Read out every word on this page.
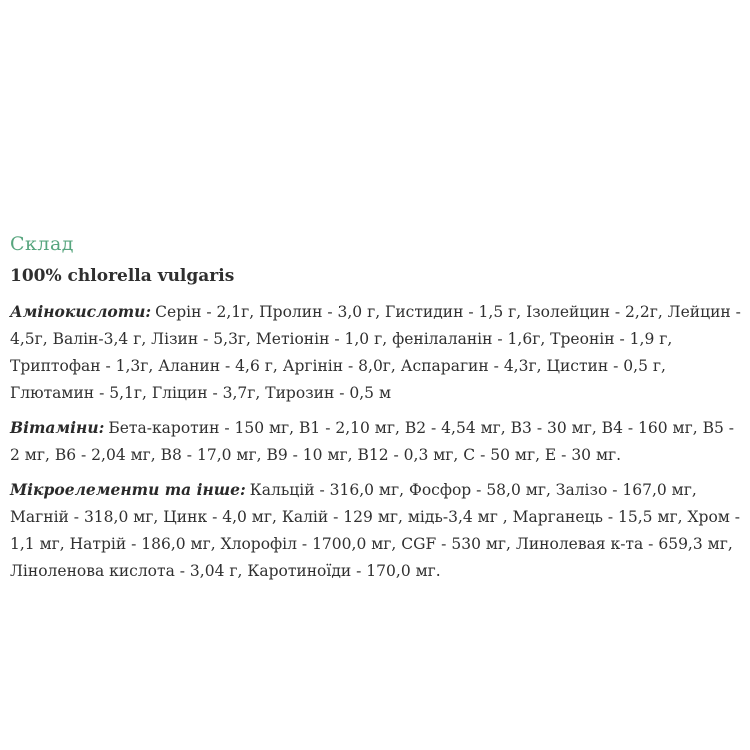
Склад

100% chlorella vulgaris

Амінокислоти: Серін - 2,1г, Пролин - 3,0 г, Гистидин - 1,5 г, Ізолейцин - 2,2г, Лейцин - 4,5г, Валін-3,4 г, Лізин - 5,3г, Метіонін - 1,0 г, фенілаланін - 1,6г, Треонін - 1,9 г, Триптофан - 1,3г, Аланин - 4,6 г, Аргінін - 8,0г, Аспарагин - 4,3г, Цистин - 0,5 г, Глютамин - 5,1г, Гліцин - 3,7г, Тирозин - 0,5 м

Вітаміни: Бета-каротин - 150 мг, В1 - 2,10 мг, В2 - 4,54 мг, В3 - 30 мг, В4 - 160 мг, В5 - 2 мг, В6 - 2,04 мг, В8 - 17,0 мг, В9 - 10 мг, В12 - 0,3 мг, С - 50 мг, Е - 30 мг.

Мікроелементи та інше: Кальцій - 316,0 мг, Фосфор - 58,0 мг, Залізо - 167,0 мг, Магній - 318,0 мг, Цинк - 4,0 мг, Калій - 129 мг, мідь-3,4 мг , Марганець - 15,5 мг, Хром - 1,1 мг, Натрій - 186,0 мг, Хлорофіл - 1700,0 мг, CGF - 530 мг, Линолевая к-та - 659,3 мг, Ліноленова кислота - 3,04 г, Каротиноїди - 170,0 мг.
